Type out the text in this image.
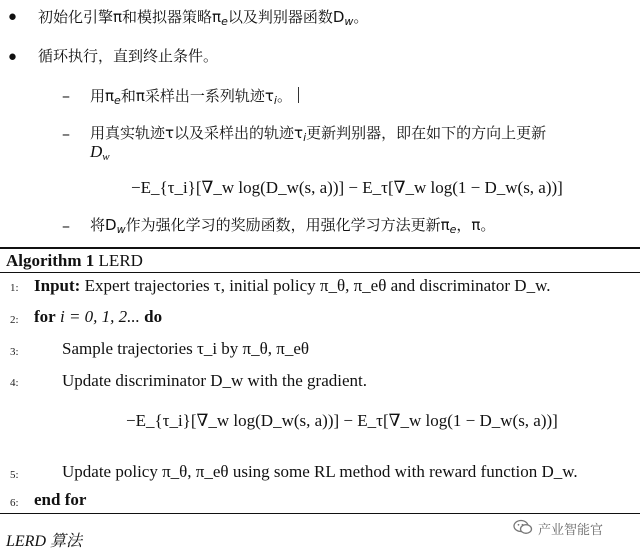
• 初始化引擎π和模拟器策略$\pi_e$以及判别器函数$D_w$。
• 循环执行，直到终止条件。
– 用$\pi_e$和π采样出一系列轨迹$\tau_i$。
– 用真实轨迹τ以及采样出的轨迹$\tau_i$更新判别器，即在如下的方向上更新
Dw
−E_{τ_i}[∇_w log(D_w(s, a))] − E_τ[∇_w log(1 − D_w(s, a))]
– 将$D_w$作为强化学习的奖励函数，用强化学习方法更新$\pi_e$，π。
Algorithm 1 LERD
1: Input: Expert trajectories τ, initial policy π_θ, π_eθ and discriminator D_w.
2: for i = 0, 1, 2... do
3:	Sample trajectories τ_i by π_θ, π_eθ
4:	Update discriminator D_w with the gradient.
−E_{τ_i}[∇_w log(D_w(s, a))] − E_τ[∇_w log(1 − D_w(s, a))]
5:	Update policy π_θ, π_eθ using some RL method with reward function D_w.
6: end for
LERD 算法
产业智能官
